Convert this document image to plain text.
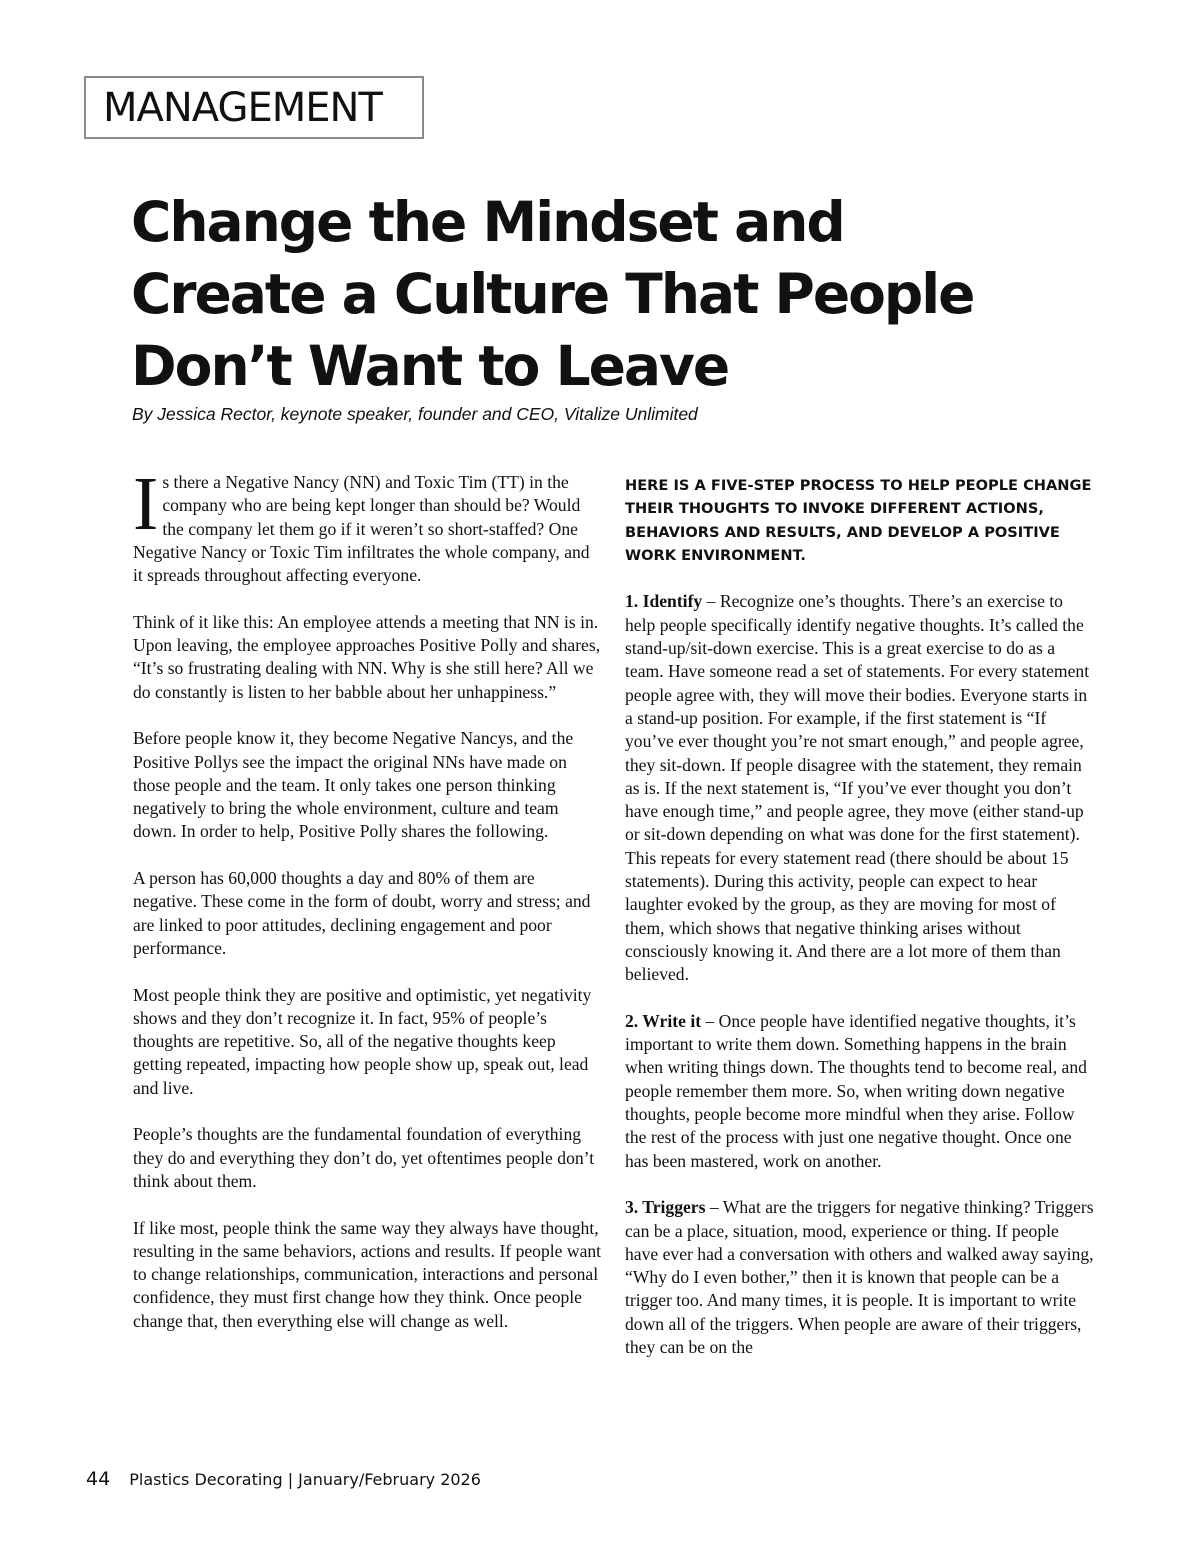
MANAGEMENT
Change the Mindset and
Create a Culture That People
Don’t Want to Leave

By Jessica Rector, keynote speaker, founder and CEO, Vitalize Unlimited

Is there a Negative Nancy (NN) and Toxic Tim (TT) in the company who are being kept longer than should be? Would the company let them go if it weren’t so short-staffed? One Negative Nancy or Toxic Tim infiltrates the whole company, and it spreads throughout affecting everyone.

Think of it like this: An employee attends a meeting that NN is in. Upon leaving, the employee approaches Positive Polly and shares, “It’s so frustrating dealing with NN. Why is she still here? All we do constantly is listen to her babble about her unhappiness.”

Before people know it, they become Negative Nancys, and the Positive Pollys see the impact the original NNs have made on those people and the team. It only takes one person thinking negatively to bring the whole environment, culture and team down. In order to help, Positive Polly shares the following.

A person has 60,000 thoughts a day and 80% of them are negative. These come in the form of doubt, worry and stress; and are linked to poor attitudes, declining engagement and poor performance.

Most people think they are positive and optimistic, yet negativity shows and they don’t recognize it. In fact, 95% of people’s thoughts are repetitive. So, all of the negative thoughts keep getting repeated, impacting how people show up, speak out, lead and live.

People’s thoughts are the fundamental foundation of everything they do and everything they don’t do, yet oftentimes people don’t think about them.

If like most, people think the same way they always have thought, resulting in the same behaviors, actions and results. If people want to change relationships, communication, interactions and personal confidence, they must first change how they think. Once people change that, then everything else will change as well.

HERE IS A FIVE-STEP PROCESS TO HELP PEOPLE CHANGE THEIR THOUGHTS TO INVOKE DIFFERENT ACTIONS, BEHAVIORS AND RESULTS, AND DEVELOP A POSITIVE WORK ENVIRONMENT.

1. Identify – Recognize one’s thoughts. There’s an exercise to help people specifically identify negative thoughts. It’s called the stand-up/sit-down exercise. This is a great exercise to do as a team. Have someone read a set of statements. For every statement people agree with, they will move their bodies. Everyone starts in a stand-up position. For example, if the first statement is “If you’ve ever thought you’re not smart enough,” and people agree, they sit-down. If people disagree with the statement, they remain as is. If the next statement is, “If you’ve ever thought you don’t have enough time,” and people agree, they move (either stand-up or sit-down depending on what was done for the first statement). This repeats for every statement read (there should be about 15 statements). During this activity, people can expect to hear laughter evoked by the group, as they are moving for most of them, which shows that negative thinking arises without consciously knowing it. And there are a lot more of them than believed.

2. Write it – Once people have identified negative thoughts, it’s important to write them down. Something happens in the brain when writing things down. The thoughts tend to become real, and people remember them more. So, when writing down negative thoughts, people become more mindful when they arise. Follow the rest of the process with just one negative thought. Once one has been mastered, work on another.

3. Triggers – What are the triggers for negative thinking? Triggers can be a place, situation, mood, experience or thing. If people have ever had a conversation with others and walked away saying, “Why do I even bother,” then it is known that people can be a trigger too. And many times, it is people. It is important to write down all of the triggers. When people are aware of their triggers, they can be on the

44 Plastics Decorating | January/February 2026
